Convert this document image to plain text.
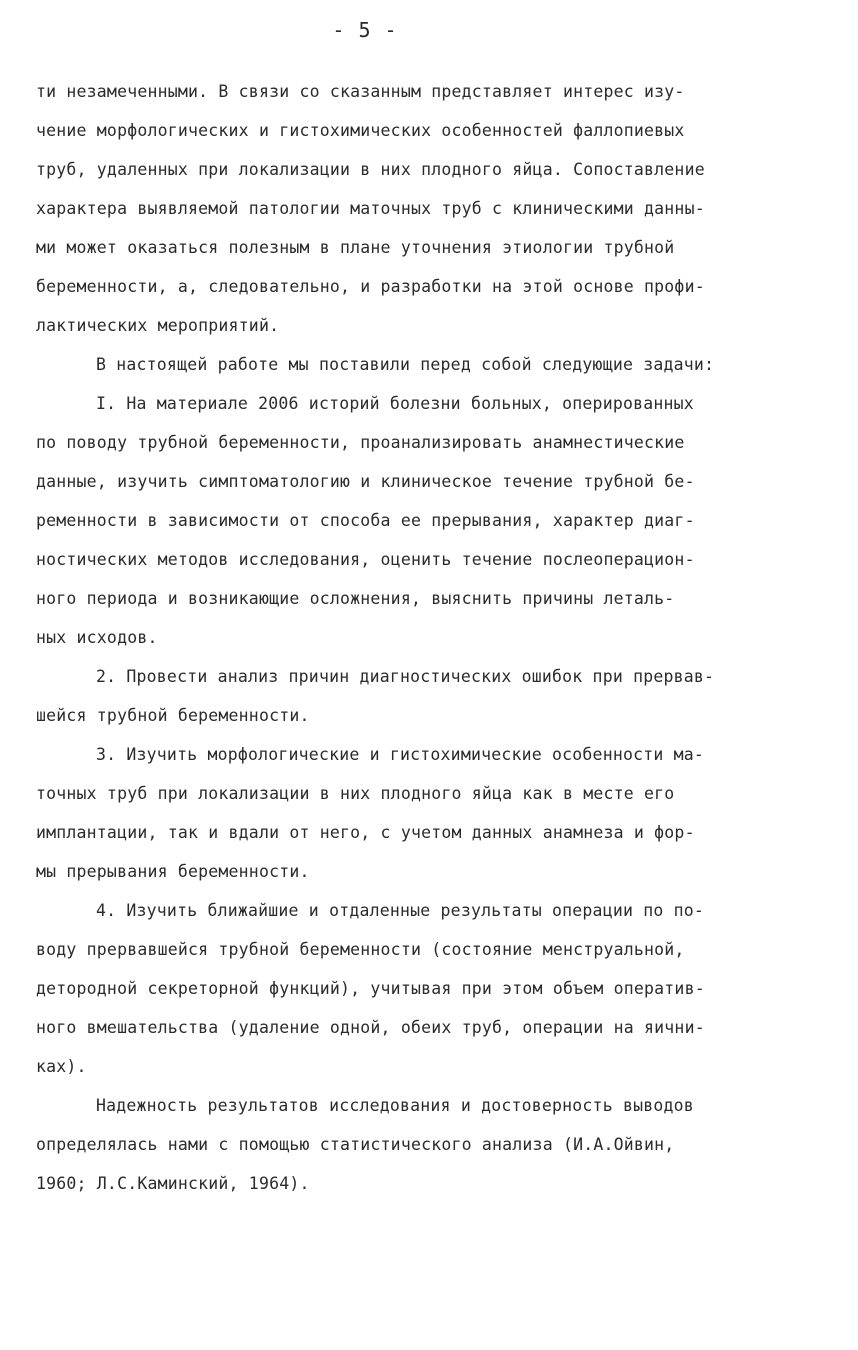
- 5 -
ти незамеченными. В связи со сказанным представляет интерес изу-
чение морфологических и гистохимических особенностей фаллопиевых
труб, удаленных при локализации в них плодного яйца. Сопоставление
характера выявляемой патологии маточных труб с клиническими данны-
ми может оказаться полезным в плане уточнения этиологии трубной
беременности, а, следовательно, и разработки на этой основе профи-
лактических мероприятий.
В настоящей работе мы поставили перед собой следующие задачи:
I. На материале 2006 историй болезни больных, оперированных
по поводу трубной беременности, проанализировать анамнестические
данные, изучить симптоматологию и клиническое течение трубной бе-
ременности в зависимости от способа ее прерывания, характер диаг-
ностических методов исследования, оценить течение послеоперацион-
ного периода и возникающие осложнения, выяснить причины леталь-
ных исходов.
2. Провести анализ причин диагностических ошибок при прервав-
шейся трубной беременности.
3. Изучить морфологические и гистохимические особенности ма-
точных труб при локализации в них плодного яйца как в месте его
имплантации, так и вдали от него, с учетом данных анамнеза и фор-
мы прерывания беременности.
4. Изучить ближайшие и отдаленные результаты операции по по-
воду прервавшейся трубной беременности (состояние менструальной,
детородной секреторной функций), учитывая при этом объем оператив-
ного вмешательства (удаление одной, обеих труб, операции на яични-
ках).
Надежность результатов исследования и достоверность выводов
определялась нами с помощью статистического анализа (И.А.Ойвин,
1960; Л.С.Каминский, 1964).
